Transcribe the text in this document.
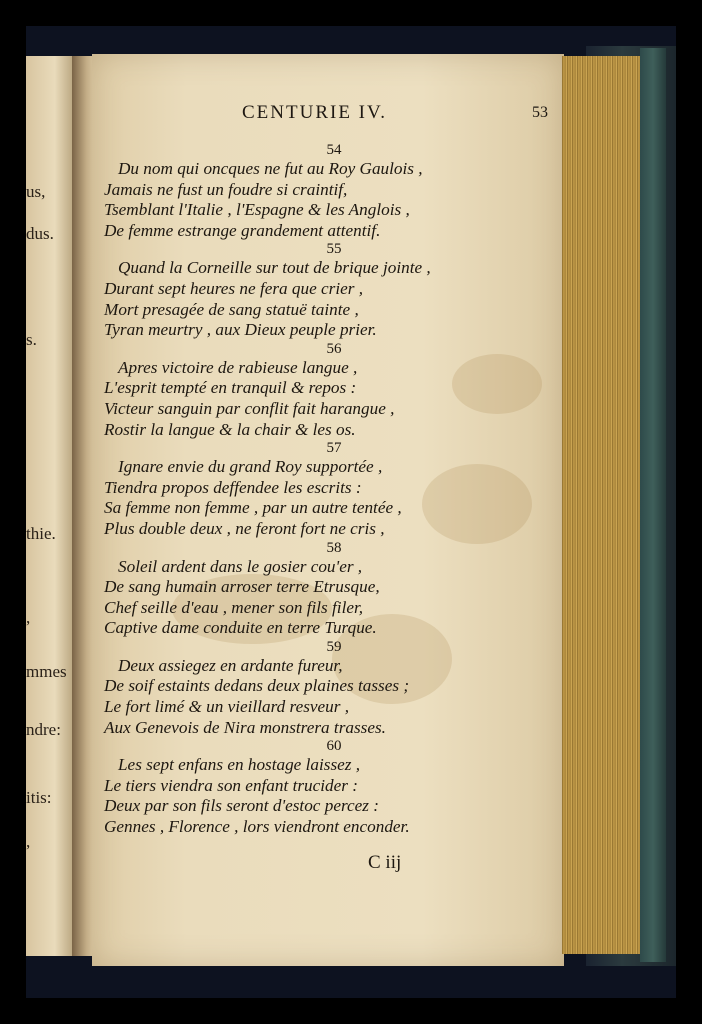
us,
dus.
s.
thie.
,
mmes
ndre:
itis:
,
CENTURIE IV.	53
54
Du nom qui oncques ne fut au Roy Gaulois ,
Jamais ne fust un foudre si craintif,
Tsemblant l'Italie , l'Espagne & les Anglois ,
De femme estrange grandement attentif.
55
Quand la Corneille sur tout de brique jointe ,
Durant sept heures ne fera que crier ,
Mort presagée de sang statuë tainte ,
Tyran meurtry , aux Dieux peuple prier.
56
Apres victoire de rabieuse langue ,
L'esprit tempté en tranquil & repos :
Victeur sanguin par conflit fait harangue ,
Rostir la langue & la chair & les os.
57
Ignare envie du grand Roy supportée ,
Tiendra propos deffendee les escrits :
Sa femme non femme , par un autre tentée ,
Plus double deux , ne feront fort ne cris ,
58
Soleil ardent dans le gosier cou'er ,
De sang humain arroser terre Etrusque,
Chef seille d'eau , mener son fils filer,
Captive dame conduite en terre Turque.
59
Deux assiegez en ardante fureur,
De soif estaints dedans deux plaines tasses ;
Le fort limé & un vieillard resveur ,
Aux Genevois de Nira monstrera trasses.
60
Les sept enfans en hostage laissez ,
Le tiers viendra son enfant trucider :
Deux par son fils seront d'estoc percez :
Gennes , Florence , lors viendront enconder.
C iij
